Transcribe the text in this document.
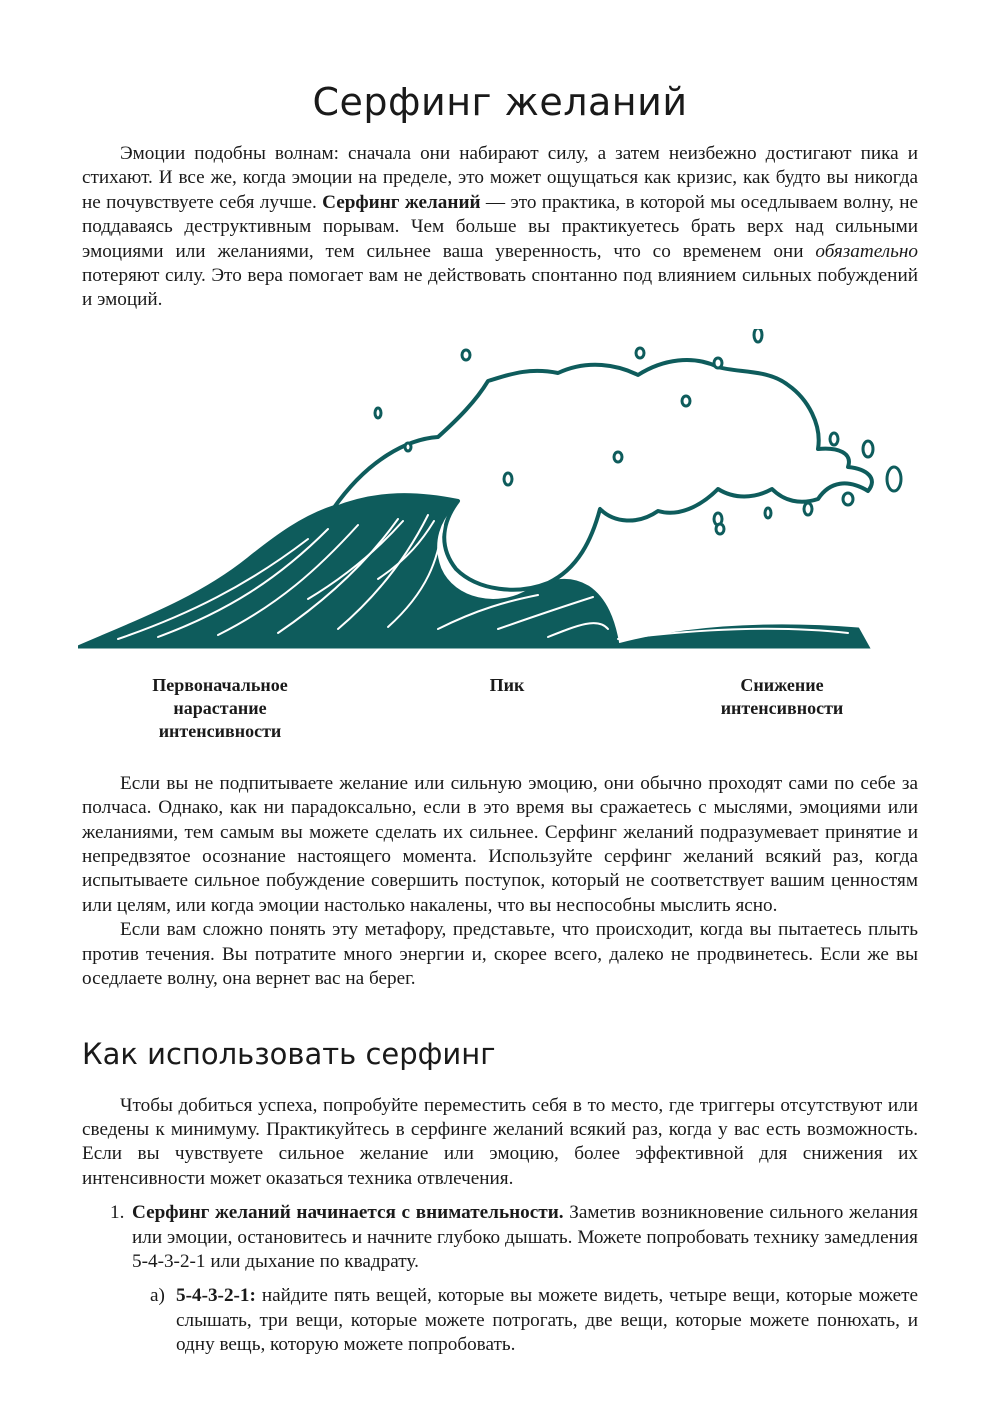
Серфинг желаний

Эмоции подобны волнам: сначала они набирают силу, а затем неизбежно достигают пика и стихают. И все же, когда эмоции на пределе, это может ощущаться как кризис, как будто вы никогда не почувствуете себя лучше. Серфинг желаний — это практика, в которой мы оседлываем волну, не поддаваясь деструктивным порывам. Чем больше вы практикуетесь брать верх над сильными эмоциями или желаниями, тем сильнее ваша уверенность, что со временем они обязательно потеряют силу. Это вера помогает вам не действовать спонтанно под влиянием сильных побуждений и эмоций.

Первоначальное нарастание интенсивности
Пик	Снижение интенсивности

Если вы не подпитываете желание или сильную эмоцию, они обычно проходят сами по себе за полчаса. Однако, как ни парадоксально, если в это время вы сражаетесь с мыслями, эмоциями или желаниями, тем самым вы можете сделать их сильнее. Серфинг желаний подразумевает принятие и непредвзятое осознание настоящего момента. Используйте серфинг желаний всякий раз, когда испытываете сильное побуждение совершить поступок, который не соответствует вашим ценностям или целям, или когда эмоции настолько накалены, что вы неспособны мыслить ясно.

Если вам сложно понять эту метафору, представьте, что происходит, когда вы пытаетесь плыть против течения. Вы потратите много энергии и, скорее всего, далеко не продвинетесь. Если же вы оседлаете волну, она вернет вас на берег.

Как использовать серфинг

Чтобы добиться успеха, попробуйте переместить себя в то место, где триггеры отсутствуют или сведены к минимуму. Практикуйтесь в серфинге желаний всякий раз, когда у вас есть возможность. Если вы чувствуете сильное желание или эмоцию, более эффективной для снижения их интенсивности может оказаться техника отвлечения.

1. Серфинг желаний начинается с внимательности. Заметив возникновение сильного желания или эмоции, остановитесь и начните глубоко дышать. Можете попробовать технику замедления 5-4-3-2-1 или дыхание по квадрату.
а) 5-4-3-2-1: найдите пять вещей, которые вы можете видеть, четыре вещи, которые можете слышать, три вещи, которые можете потрогать, две вещи, которые можете понюхать, и одну вещь, которую можете попробовать.
